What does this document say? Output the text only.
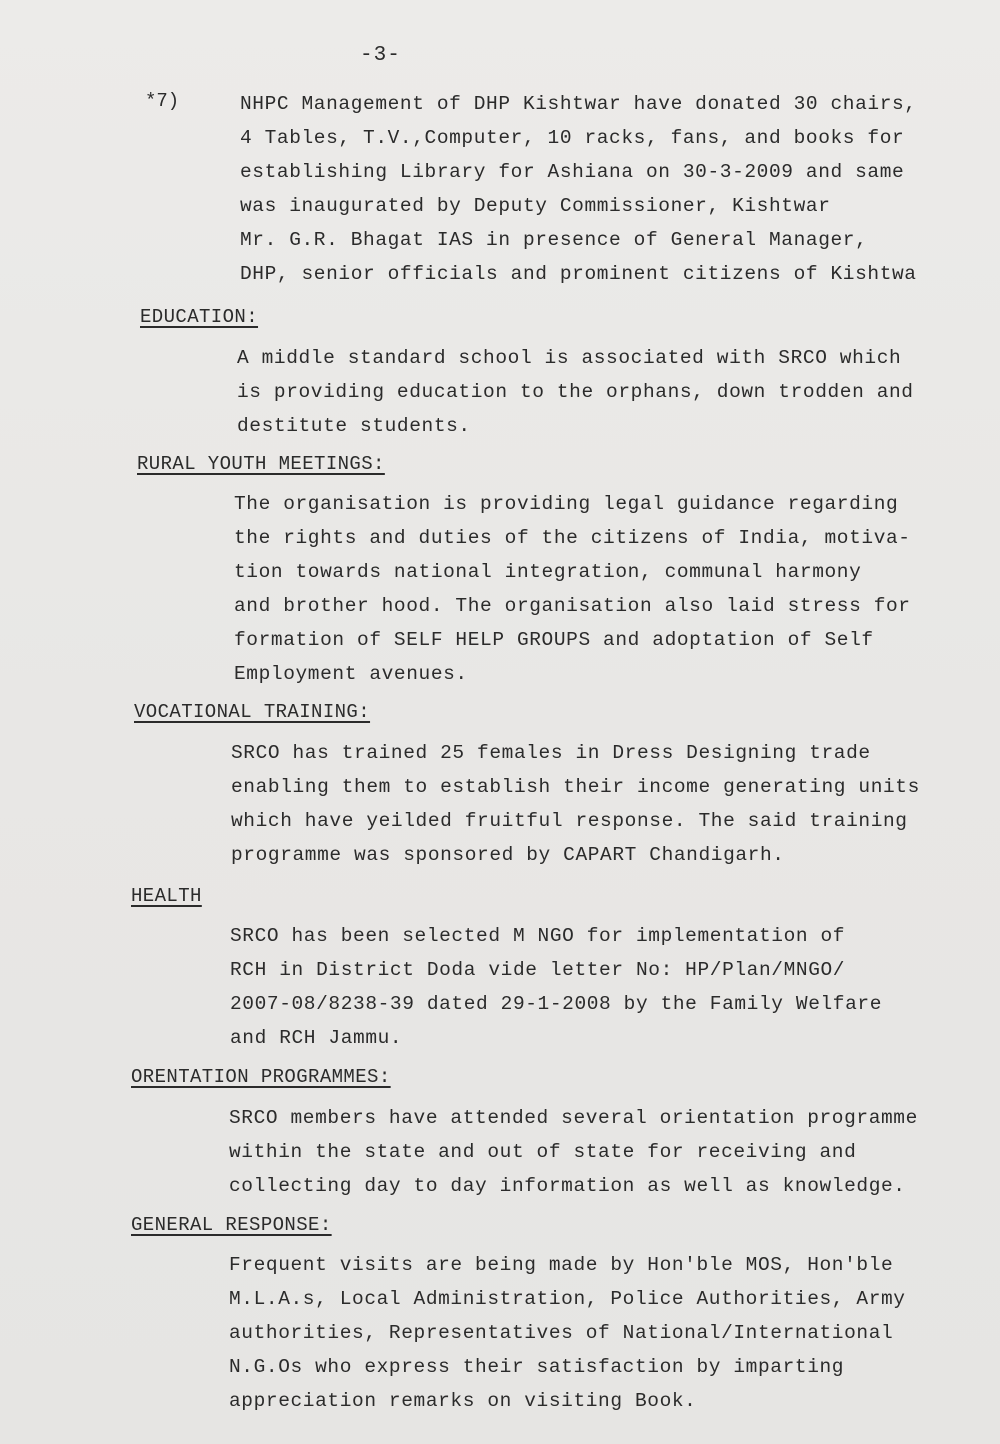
-3-
*7)	NHPC Management of DHP Kishtwar have donated 30 chairs,
4 Tables, T.V.,Computer, 10 racks, fans, and books for
establishing Library for Ashiana on 30-3-2009 and same
was inaugurated by Deputy Commissioner, Kishtwar
Mr. G.R. Bhagat IAS in presence of General Manager,
DHP, senior officials and prominent citizens of Kishtwa
EDUCATION:
A middle standard school is associated with SRCO which
is providing education to the orphans, down trodden and
destitute students.
RURAL YOUTH MEETINGS:
The organisation is providing legal guidance regarding
the rights and duties of the citizens of India, motiva-
tion towards national integration, communal harmony
and brother hood. The organisation also laid stress for
formation of SELF HELP GROUPS and adoptation of Self
Employment avenues.
VOCATIONAL TRAINING:
SRCO has trained 25 females in Dress Designing trade
enabling them to establish their income generating units
which have yeilded fruitful response. The said training
programme was sponsored by CAPART Chandigarh.
HEALTH
SRCO has been selected M NGO for implementation of
RCH in District Doda vide letter No: HP/Plan/MNGO/
2007-08/8238-39 dated 29-1-2008 by the Family Welfare
and RCH Jammu.
ORENTATION PROGRAMMES:
SRCO members have attended several orientation programme
within the state and out of state for receiving and
collecting day to day information as well as knowledge.
GENERAL RESPONSE:
Frequent visits are being made by Hon'ble MOS, Hon'ble
M.L.A.s, Local Administration, Police Authorities, Army
authorities, Representatives of National/International
N.G.Os who express their satisfaction by imparting
appreciation remarks on visiting Book.
